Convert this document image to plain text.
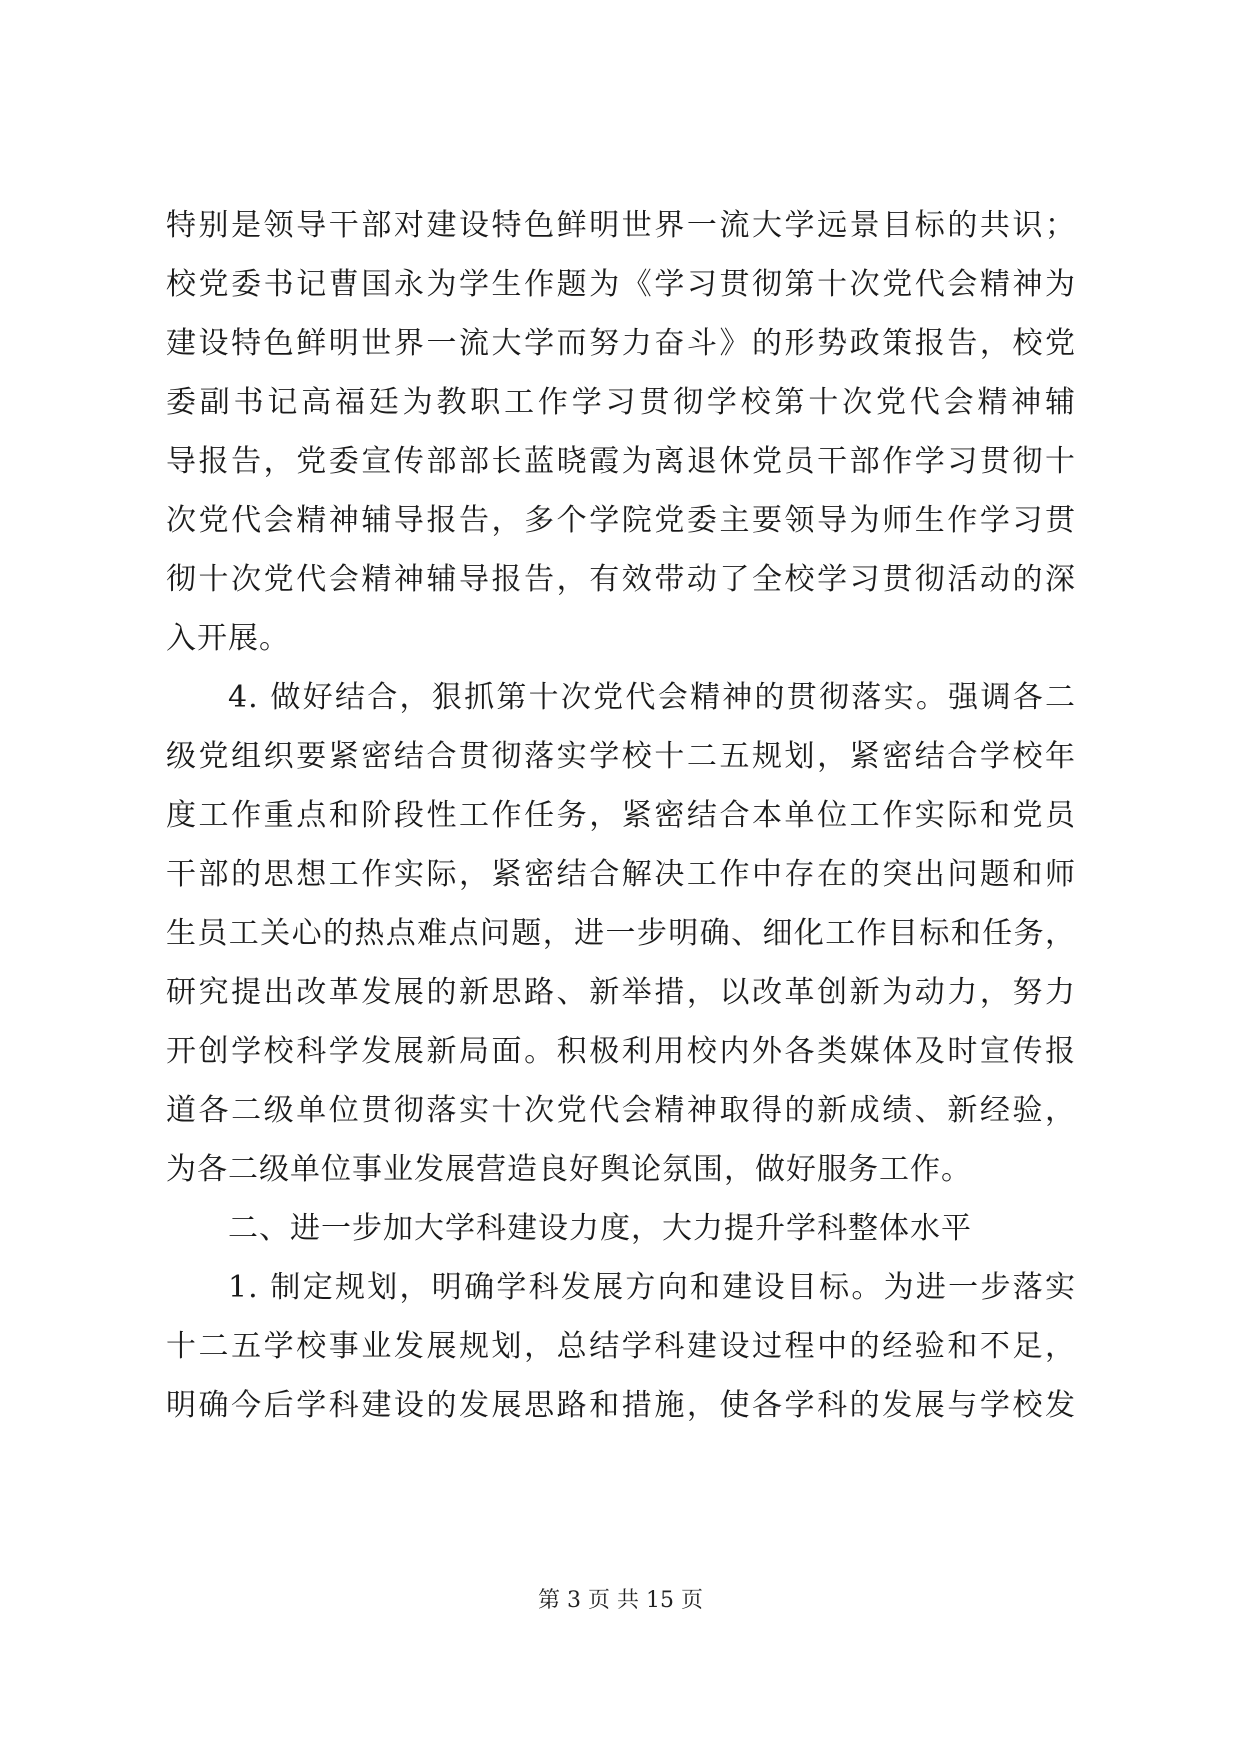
特别是领导干部对建设特色鲜明世界一流大学远景目标的共识；
校党委书记曹国永为学生作题为《学习贯彻第十次党代会精神为
建设特色鲜明世界一流大学而努力奋斗》的形势政策报告，校党
委副书记高福廷为教职工作学习贯彻学校第十次党代会精神辅
导报告，党委宣传部部长蓝晓霞为离退休党员干部作学习贯彻十
次党代会精神辅导报告，多个学院党委主要领导为师生作学习贯
彻十次党代会精神辅导报告，有效带动了全校学习贯彻活动的深
入开展。
4. 做好结合，狠抓第十次党代会精神的贯彻落实。强调各二
级党组织要紧密结合贯彻落实学校十二五规划，紧密结合学校年
度工作重点和阶段性工作任务，紧密结合本单位工作实际和党员
干部的思想工作实际，紧密结合解决工作中存在的突出问题和师
生员工关心的热点难点问题，进一步明确、细化工作目标和任务，
研究提出改革发展的新思路、新举措，以改革创新为动力，努力
开创学校科学发展新局面。积极利用校内外各类媒体及时宣传报
道各二级单位贯彻落实十次党代会精神取得的新成绩、新经验，
为各二级单位事业发展营造良好舆论氛围，做好服务工作。
二、进一步加大学科建设力度，大力提升学科整体水平
1. 制定规划，明确学科发展方向和建设目标。为进一步落实
十二五学校事业发展规划，总结学科建设过程中的经验和不足，
明确今后学科建设的发展思路和措施，使各学科的发展与学校发
第 3 页 共 15 页
